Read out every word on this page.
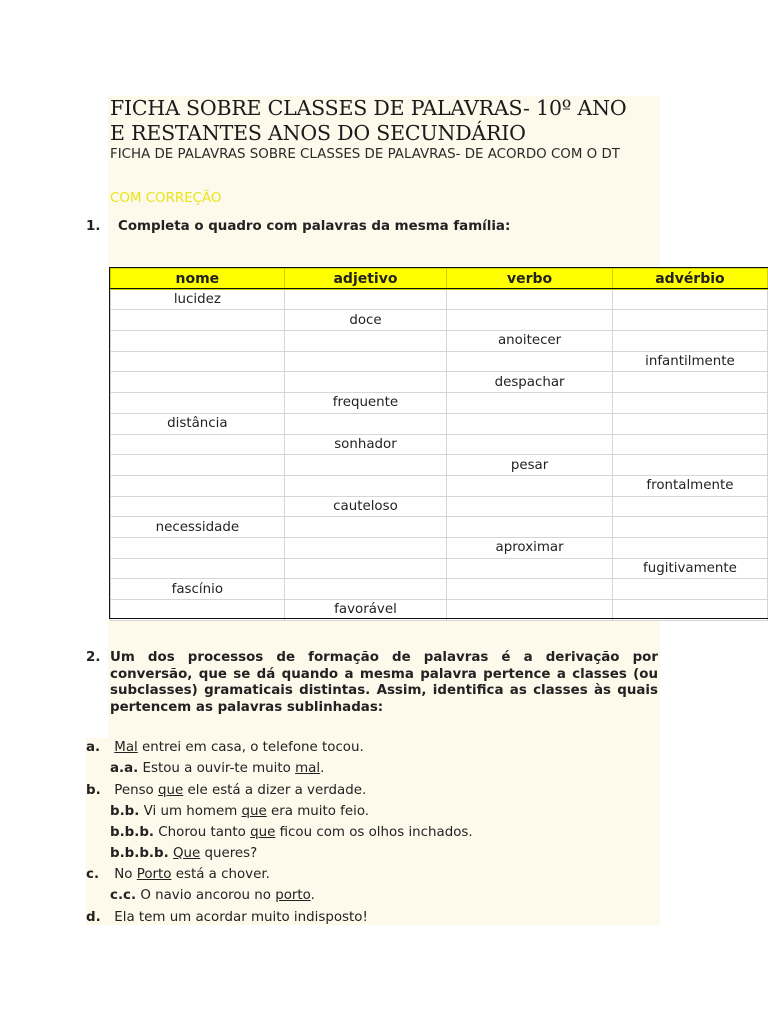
FICHA SOBRE CLASSES DE PALAVRAS- 10º ANO
E RESTANTES ANOS DO SECUNDÁRIO
FICHA DE PALAVRAS SOBRE CLASSES DE PALAVRAS- DE ACORDO COM O DT
COM CORREÇÃO
1. Completa o quadro com palavras da mesma família:
nome	adjetivo	verbo	advérbio
lucidez			
	doce		
		anoitecer	
			infantilmente
		despachar	
	frequente		
distância			
	sonhador		
		pesar	
			frontalmente
	cauteloso		
necessidade			
		aproximar	
			fugitivamente
fascínio			
	favorável		
2. Um dos processos de formação de palavras é a derivação por conversão, que se dá quando a mesma palavra pertence a classes (ou subclasses) gramaticais distintas. Assim, identifica as classes às quais pertencem as palavras sublinhadas:
a. Mal entrei em casa, o telefone tocou.
a.a. Estou a ouvir-te muito mal.
b. Penso que ele está a dizer a verdade.
b.b. Vi um homem que era muito feio.
b.b.b. Chorou tanto que ficou com os olhos inchados.
b.b.b.b. Que queres?
c. No Porto está a chover.
c.c. O navio ancorou no porto.
d. Ela tem um acordar muito indisposto!
